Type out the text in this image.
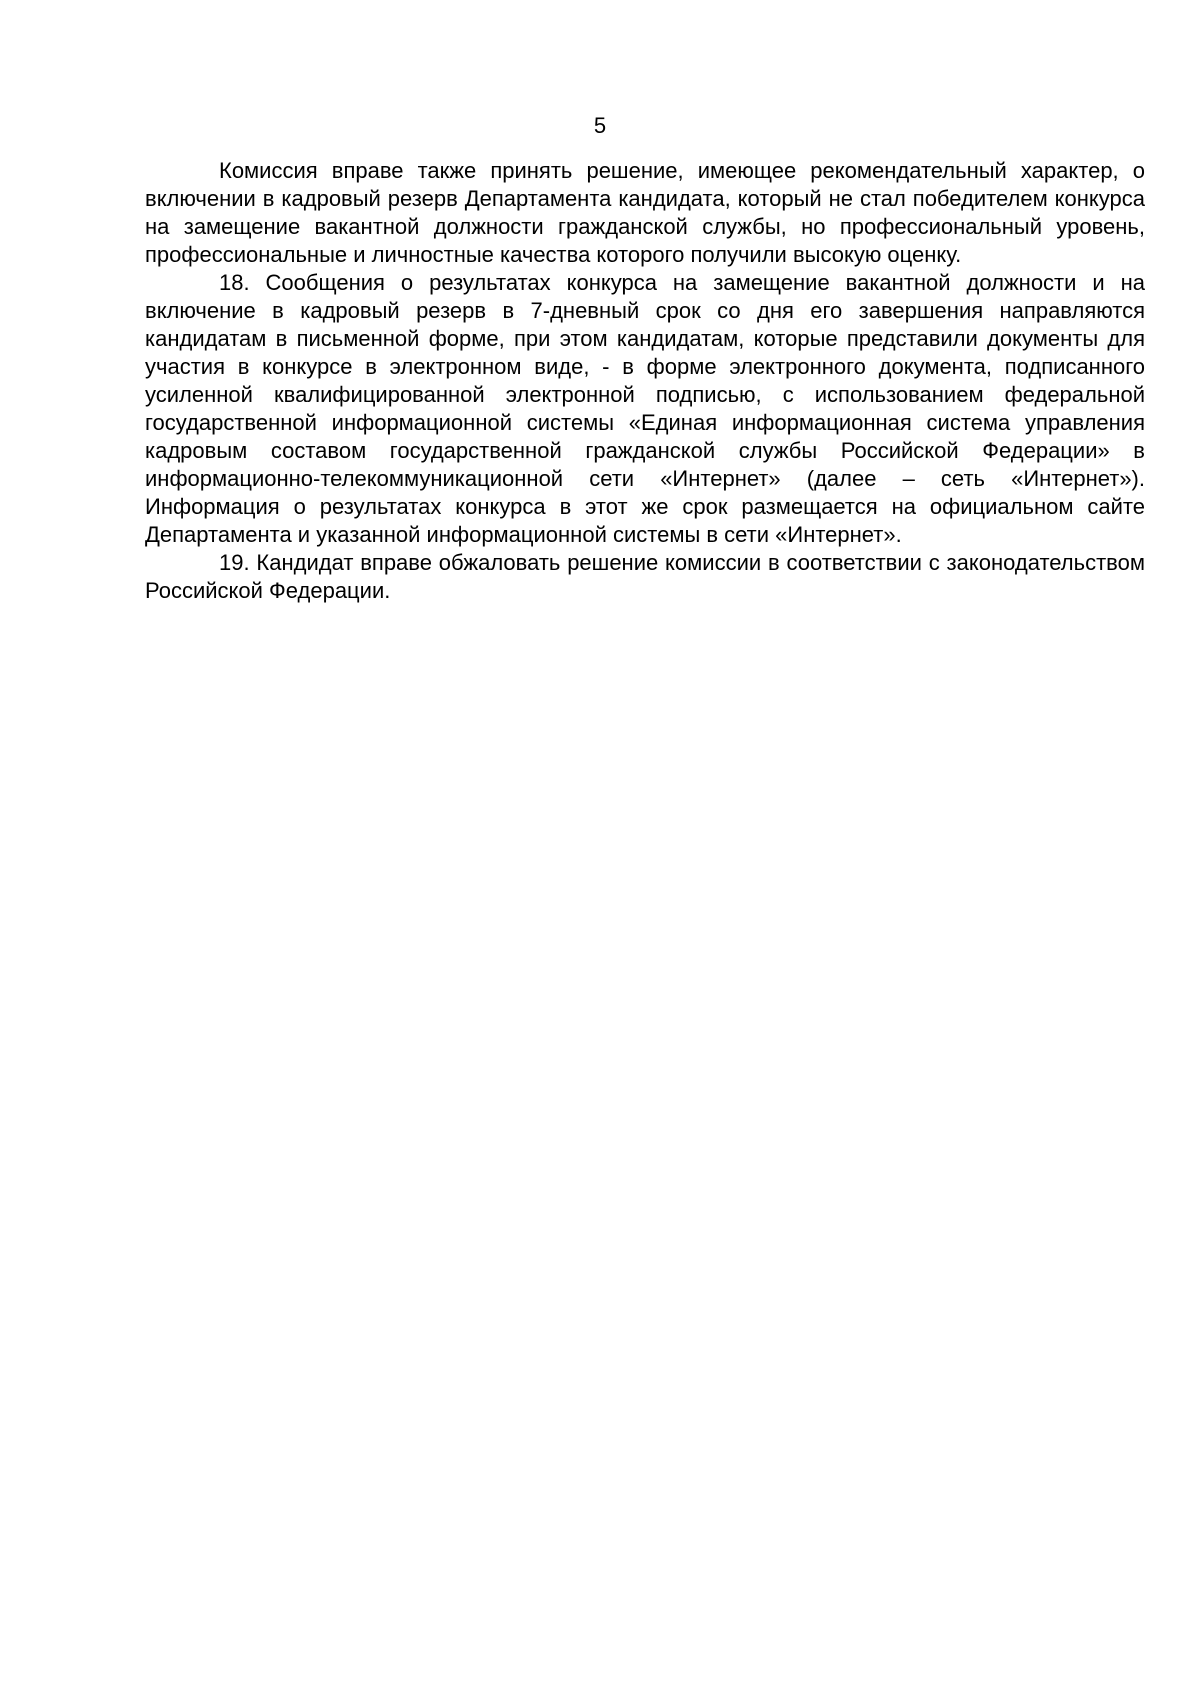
5

Комиссия вправе также принять решение, имеющее рекомендательный характер, о включении в кадровый резерв Департамента кандидата, который не стал победителем конкурса на замещение вакантной должности гражданской службы, но профессиональный уровень, профессиональные и личностные качества которого получили высокую оценку.

18. Сообщения о результатах конкурса на замещение вакантной должности и на включение в кадровый резерв в 7-дневный срок со дня его завершения направляются кандидатам в письменной форме, при этом кандидатам, которые представили документы для участия в конкурсе в электронном виде, - в форме электронного документа, подписанного усиленной квалифицированной электронной подписью, с использованием федеральной государственной информационной системы «Единая информационная система управления кадровым составом государственной гражданской службы Российской Федерации» в информационно-телекоммуникационной сети «Интернет» (далее – сеть «Интернет»). Информация о результатах конкурса в этот же срок размещается на официальном сайте Департамента и указанной информационной системы в сети «Интернет».

19. Кандидат вправе обжаловать решение комиссии в соответствии с законодательством Российской Федерации.
